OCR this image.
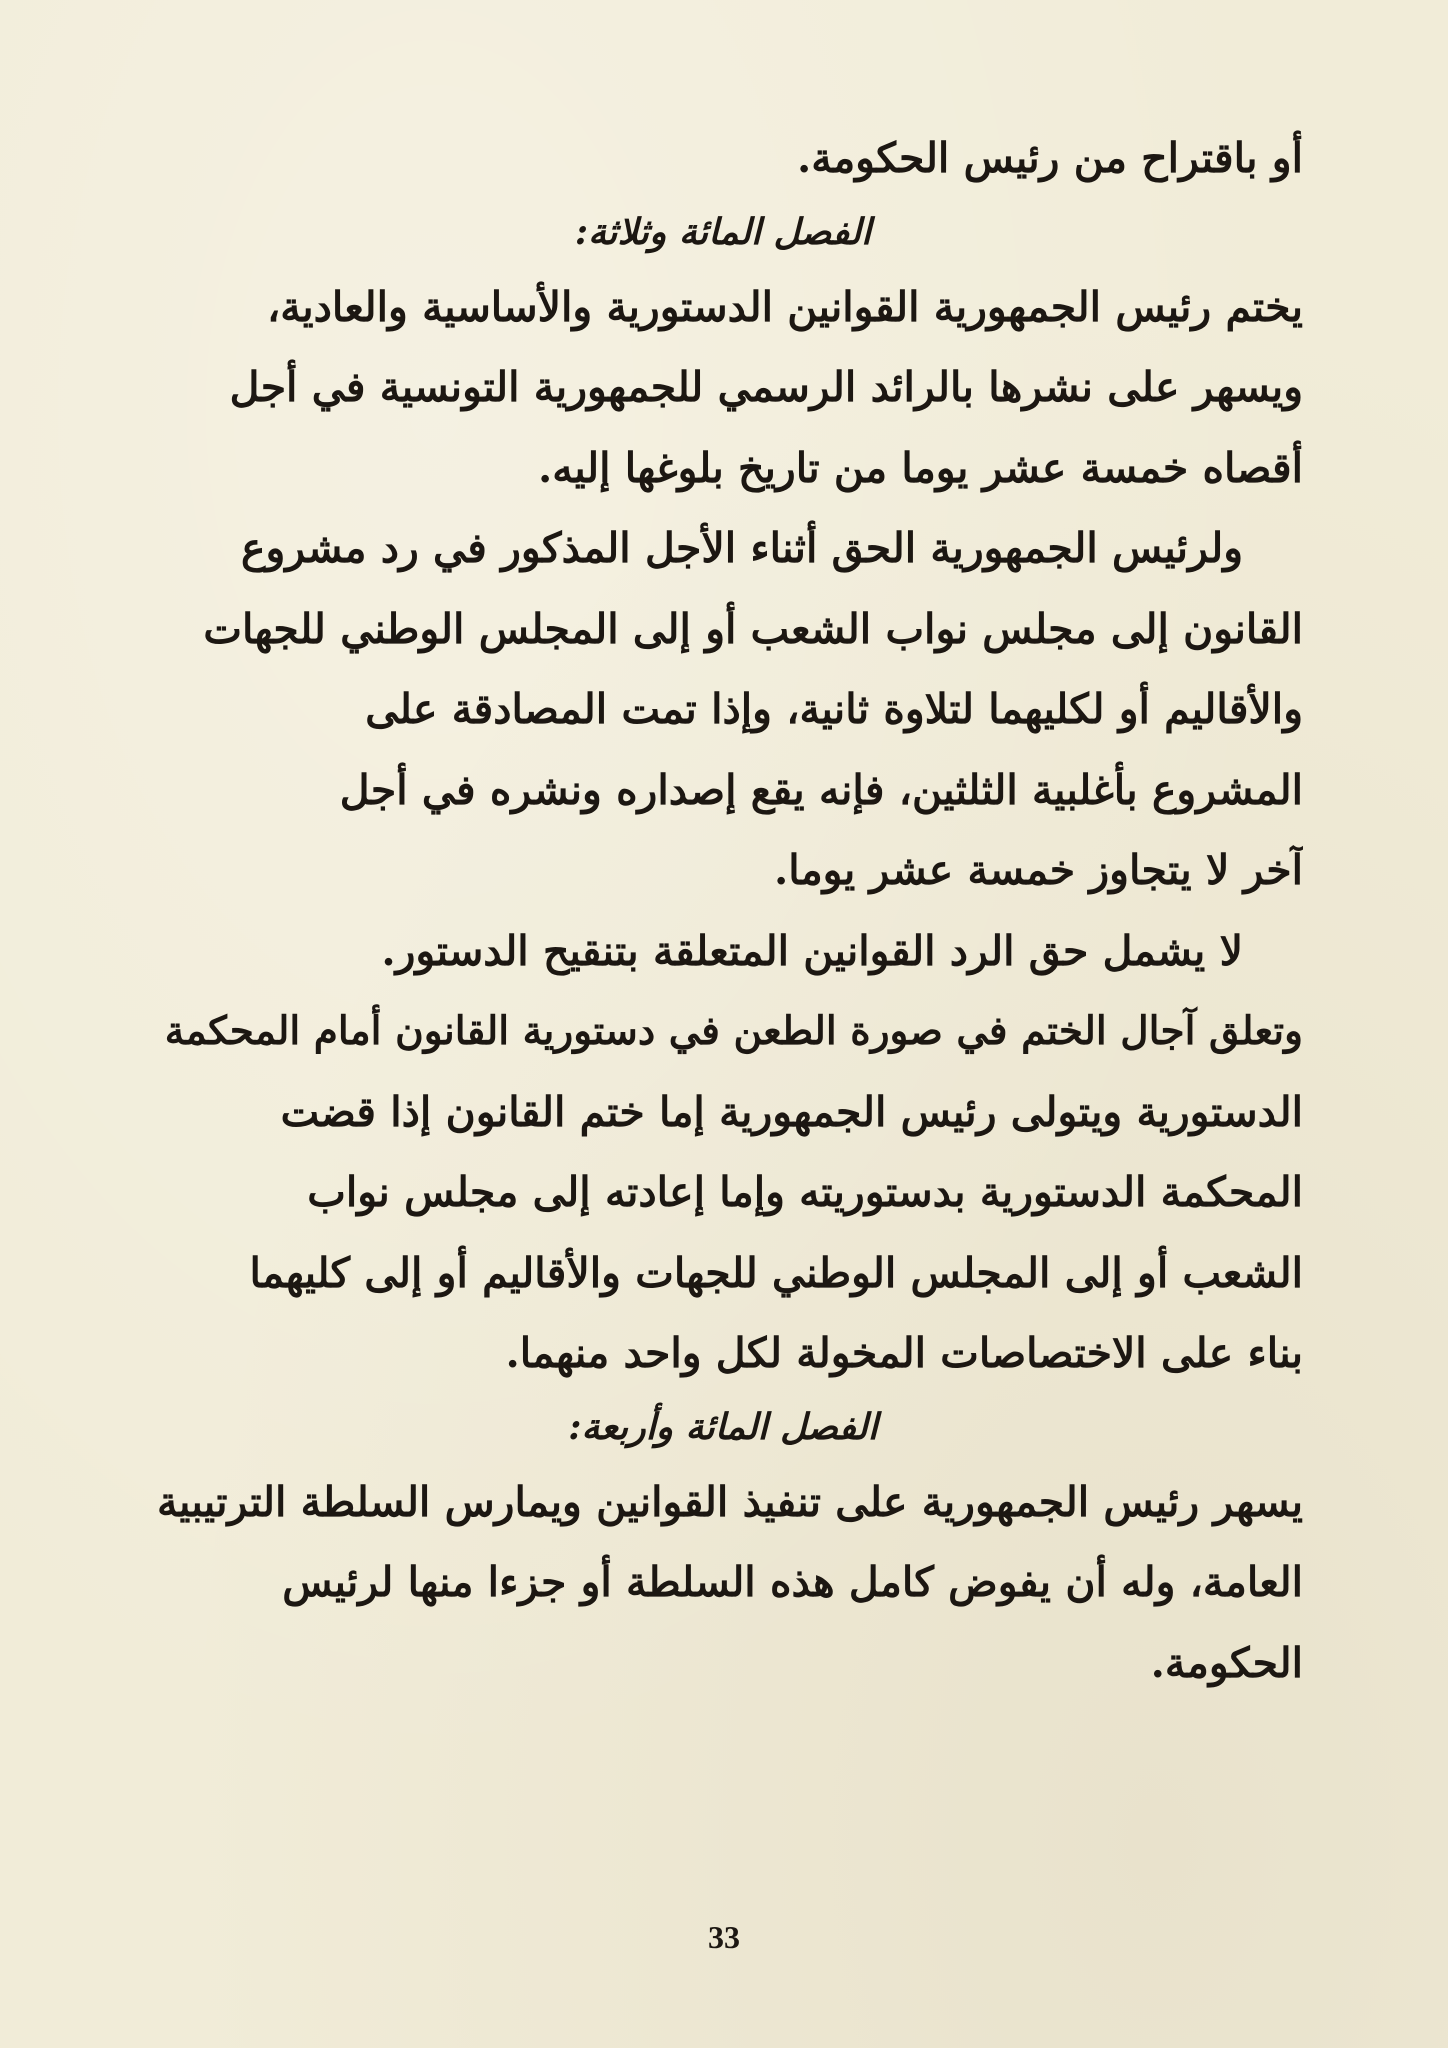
أو باقتراح من رئيس الحكومة.
الفصل المائة وثلاثة:
يختم رئيس الجمهورية القوانين الدستورية والأساسية والعادية،
ويسهر على نشرها بالرائد الرسمي للجمهورية التونسية في أجل
أقصاه خمسة عشر يوما من تاريخ بلوغها إليه.
ولرئيس الجمهورية الحق أثناء الأجل المذكور في رد مشروع
القانون إلى مجلس نواب الشعب أو إلى المجلس الوطني للجهات
والأقاليم أو لكليهما لتلاوة ثانية، وإذا تمت المصادقة على
المشروع بأغلبية الثلثين، فإنه يقع إصداره ونشره في أجل
آخر لا يتجاوز خمسة عشر يوما.
لا يشمل حق الرد القوانين المتعلقة بتنقيح الدستور.
وتعلق آجال الختم في صورة الطعن في دستورية القانون أمام المحكمة
الدستورية ويتولى رئيس الجمهورية إما ختم القانون إذا قضت
المحكمة الدستورية بدستوريته وإما إعادته إلى مجلس نواب
الشعب أو إلى المجلس الوطني للجهات والأقاليم أو إلى كليهما
بناء على الاختصاصات المخولة لكل واحد منهما.
الفصل المائة وأربعة:
يسهر رئيس الجمهورية على تنفيذ القوانين ويمارس السلطة الترتيبية
العامة، وله أن يفوض كامل هذه السلطة أو جزءا منها لرئيس
الحكومة.
33
